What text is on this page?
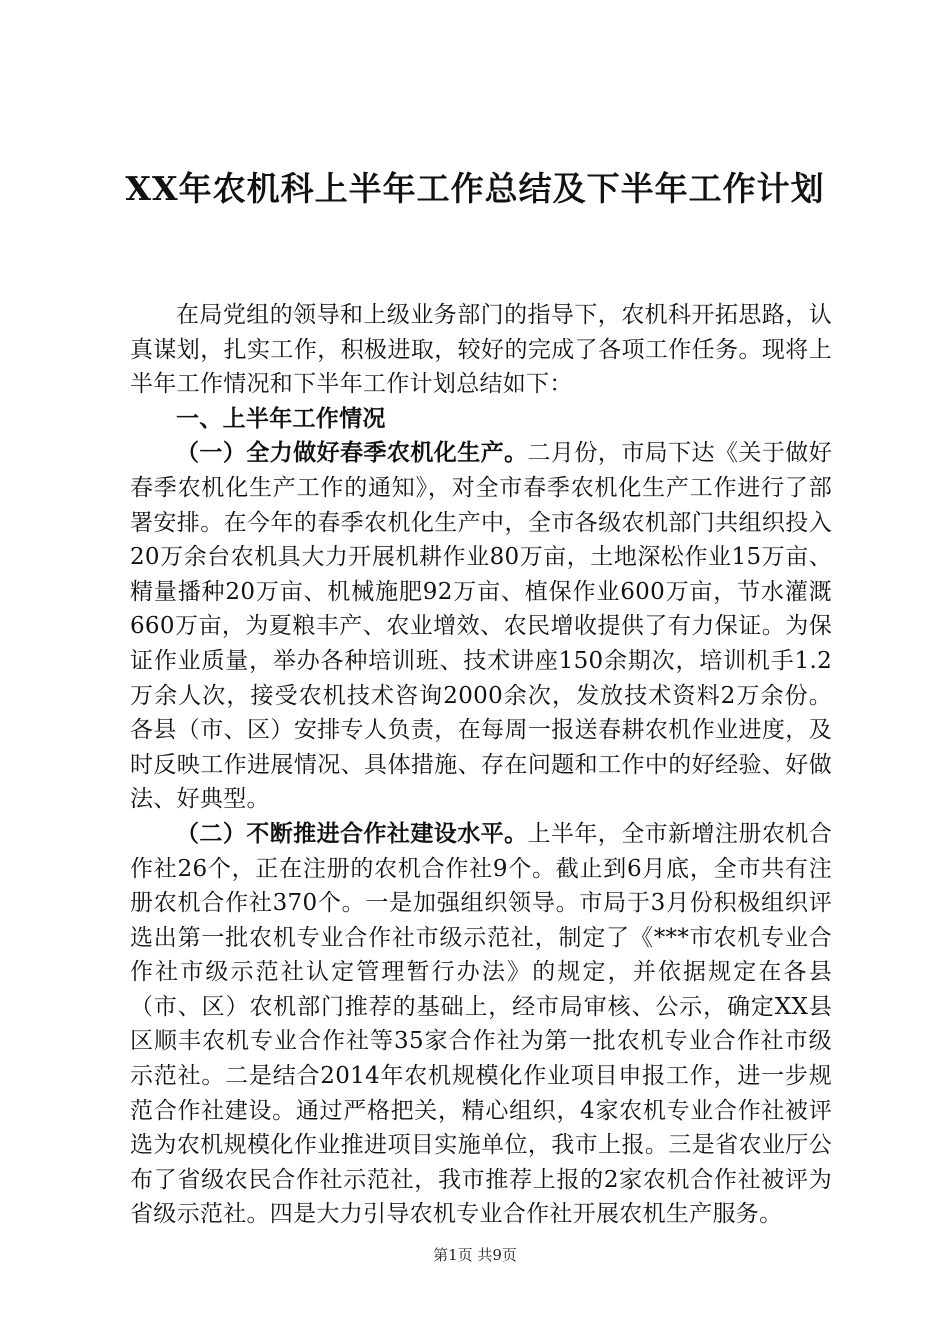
XX年农机科上半年工作总结及下半年工作计划

在局党组的领导和上级业务部门的指导下，农机科开拓思路，认真谋划，扎实工作，积极进取，较好的完成了各项工作任务。现将上半年工作情况和下半年工作计划总结如下：

一、上半年工作情况

（一）全力做好春季农机化生产。二月份，市局下达《关于做好春季农机化生产工作的通知》，对全市春季农机化生产工作进行了部署安排。在今年的春季农机化生产中，全市各级农机部门共组织投入20万余台农机具大力开展机耕作业80万亩，土地深松作业15万亩、精量播种20万亩、机械施肥92万亩、植保作业600万亩，节水灌溉660万亩，为夏粮丰产、农业增效、农民增收提供了有力保证。为保证作业质量，举办各种培训班、技术讲座150余期次，培训机手1.2万余人次，接受农机技术咨询2000余次，发放技术资料2万余份。各县（市、区）安排专人负责，在每周一报送春耕农机作业进度，及时反映工作进展情况、具体措施、存在问题和工作中的好经验、好做法、好典型。

（二）不断推进合作社建设水平。上半年，全市新增注册农机合作社26个，正在注册的农机合作社9个。截止到6月底，全市共有注册农机合作社370个。一是加强组织领导。市局于3月份积极组织评选出第一批农机专业合作社市级示范社，制定了《***市农机专业合作社市级示范社认定管理暂行办法》的规定，并依据规定在各县（市、区）农机部门推荐的基础上，经市局审核、公示，确定XX县区顺丰农机专业合作社等35家合作社为第一批农机专业合作社市级示范社。二是结合2014年农机规模化作业项目申报工作，进一步规范合作社建设。通过严格把关，精心组织，4家农机专业合作社被评选为农机规模化作业推进项目实施单位，我市上报。三是省农业厅公布了省级农民合作社示范社，我市推荐上报的2家农机合作社被评为省级示范社。四是大力引导农机专业合作社开展农机生产服务。

第1页 共9页
